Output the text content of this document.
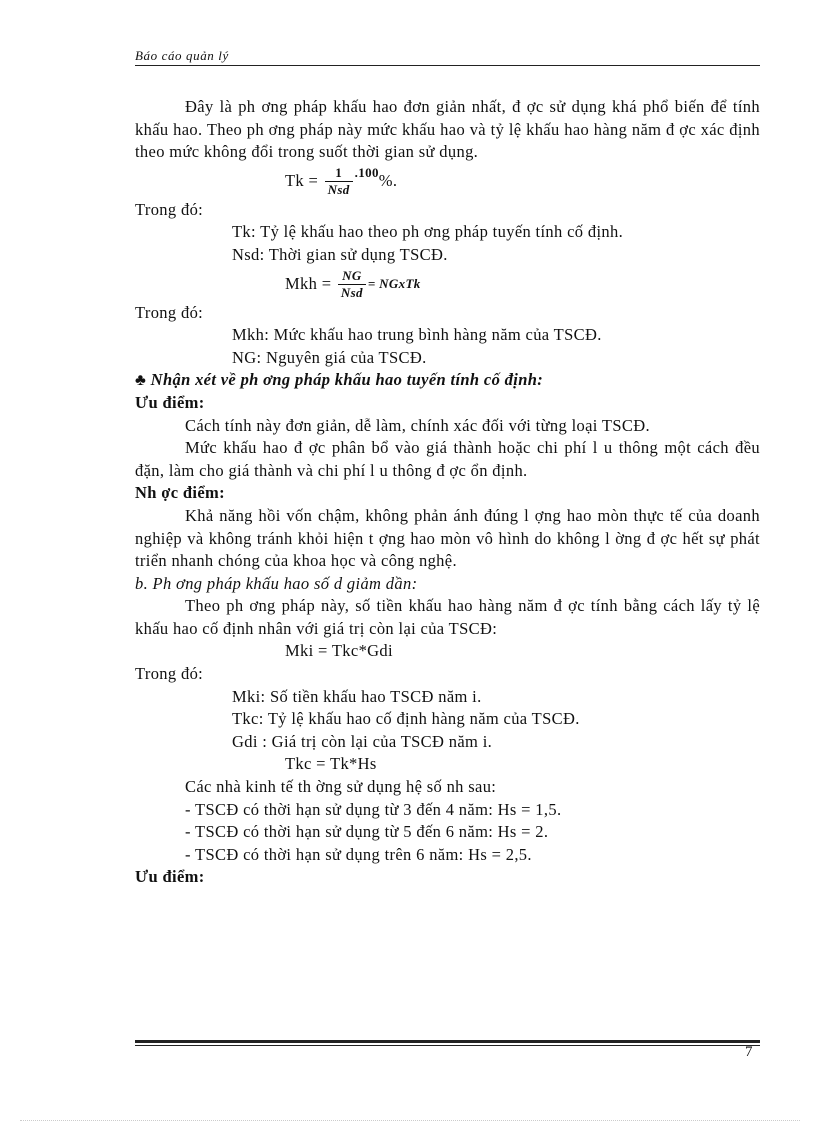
Báo cáo quản lý

Đây là ph ơng pháp khấu hao đơn giản nhất, đ ợc sử dụng khá phổ biến để tính khấu hao. Theo ph ơng pháp này mức khấu hao và tỷ lệ khấu hao hàng năm đ ợc xác định theo mức không đổi trong suốt thời gian sử dụng.

$Tk = \frac{1}{\text{Nsd}} .100$ %.

Trong đó:

Tk: Tỷ lệ khấu hao theo ph ơng pháp tuyến tính cố định.

Nsd: Thời gian sử dụng TSCĐ.

Mkh = $\frac{NG}{\text{Nsd}}$ = NGxTk

Trong đó:

Mkh: Mức khấu hao trung bình hàng năm của TSCĐ.

NG: Nguyên giá của TSCĐ.

♣ Nhận xét về ph ơng pháp khấu hao tuyến tính cố định:

Ưu điểm:

Cách tính này đơn giản, dễ làm, chính xác đối với từng loại TSCĐ.

Mức khấu hao đ ợc phân bổ vào giá thành hoặc chi phí l u thông một cách đều đặn, làm cho giá thành và chi phí l u thông đ ợc ổn định.

Nh ợc điểm:

Khả năng hồi vốn chậm, không phản ánh đúng l ợng hao mòn thực tế của doanh nghiệp và không tránh khỏi hiện t ợng hao mòn vô hình do không l ờng đ ợc hết sự phát triển nhanh chóng của khoa học và công nghệ.

b. Ph ơng pháp khấu hao số d giảm dần:

Theo ph ơng pháp này, số tiền khấu hao hàng năm đ ợc tính bằng cách lấy tỷ lệ khấu hao cố định nhân với giá trị còn lại của TSCĐ:

Mki = Tkc*Gdi

Trong đó:

Mki: Số tiền khấu hao TSCĐ năm i.

Tkc: Tỷ lệ khấu hao cố định hàng năm của TSCĐ.

Gdi : Giá trị còn lại của TSCĐ năm i.

Tkc = Tk*Hs

Các nhà kinh tế th ờng sử dụng hệ số nh sau:

- TSCĐ có thời hạn sử dụng từ 3 đến 4 năm: Hs = 1,5.

- TSCĐ có thời hạn sử dụng từ 5 đến 6 năm: Hs = 2.

- TSCĐ có thời hạn sử dụng trên 6 năm: Hs = 2,5.

Ưu điểm:

7
